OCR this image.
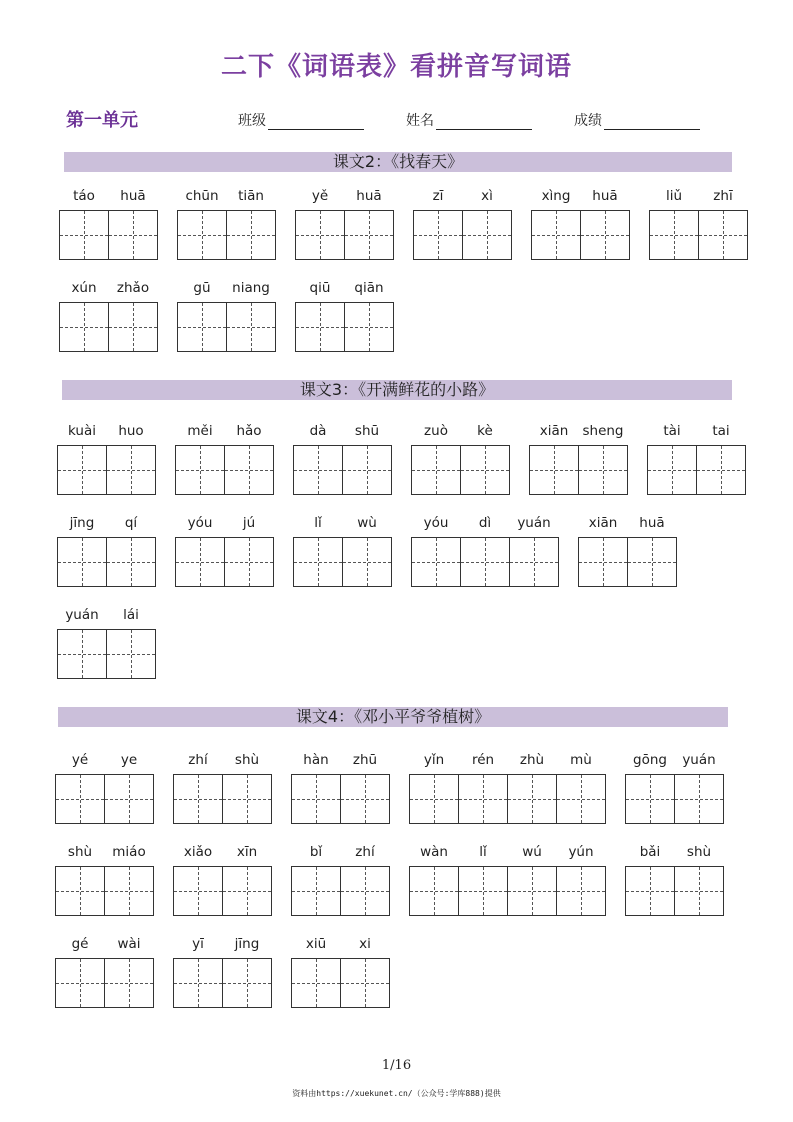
二下《词语表》看拼音写词语
第一单元	班级	姓名	成绩
课文2：《找春天》
táo	huā	chūn	tiān	yě	huā	zī	xì	xìng	huā	liǔ	zhī
xún	zhǎo	gū	niang	qiū	qiān
课文3：《开满鲜花的小路》
kuài	huo	měi	hǎo	dà	shū	zuò	kè	xiān	sheng	tài	tai
jīng	qí	yóu	jú	lǐ	wù	yóu	dì	yuán	xiān	huā
yuán	lái
课文4：《邓小平爷爷植树》
yé	ye	zhí	shù	hàn	zhū	yǐn	rén	zhù	mù	gōng	yuán
shù	miáo	xiǎo	xīn	bǐ	zhí	wàn	lǐ	wú	yún	bǎi	shù
gé	wài	yī	jīng	xiū	xi
1/16
资料由https://xuekunet.cn/（公众号:学库888)提供
